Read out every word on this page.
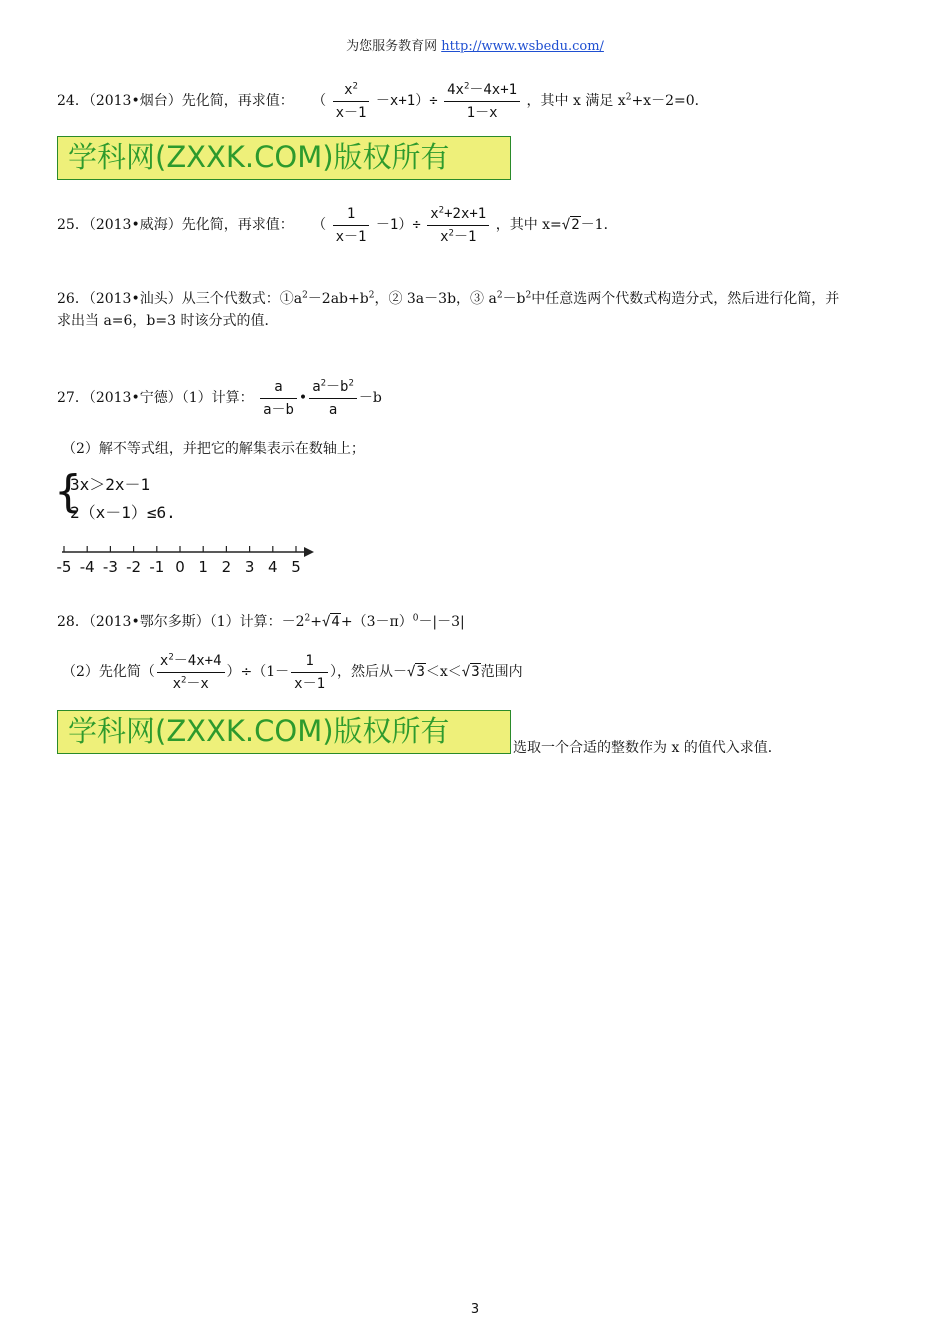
为您服务教育网 http://www.wsbedu.com/
24．（2013•烟台）先化简，再求值： （ $\frac{x^2}{x-1} -x+1)\div \frac{4x^2-4x+1}{1-x}$ ，其中 x 满足 $x^2+x-2=0$．
学科网(ZXXK.COM)版权所有
25．（2013•威海）先化简，再求值： （ $\frac{1}{x-1} -1)\div \frac{x^2+2x+1}{x^2-1}$ ，其中 x=√2－1．
26．（2013•汕头）从三个代数式：$①a^2-2ab+b^2$，② 3a－3b，③ $a^2-b^2$中任意选两个代数式构造分式，然后进行化简，并
求出当 a=6，b=3 时该分式的值．
27．（2013•宁德）（1）计算： $\frac{a}{a-b}$ • $\frac{a^2-b^2}{a} -b$
（2）解不等式组，并把它的解集表示在数轴上；
{
3x＞2x－1
2（x－1）≤6.
-5 -4 -3 -2 -1 0 1 2 3 4 5
28．（2013•鄂尔多斯）（1）计算：$-2^2+√4+(3-\pi)^0-|-3|$
（2）先化简（ $\frac{x^2-4x+4}{x^2-x} )\div(1- \frac{1}{x-1}$ ），然后从－√3＜x＜√3范围内
学科网(ZXXK.COM)版权所有	选取一个合适的整数作为 x 的值代入求值．
3
